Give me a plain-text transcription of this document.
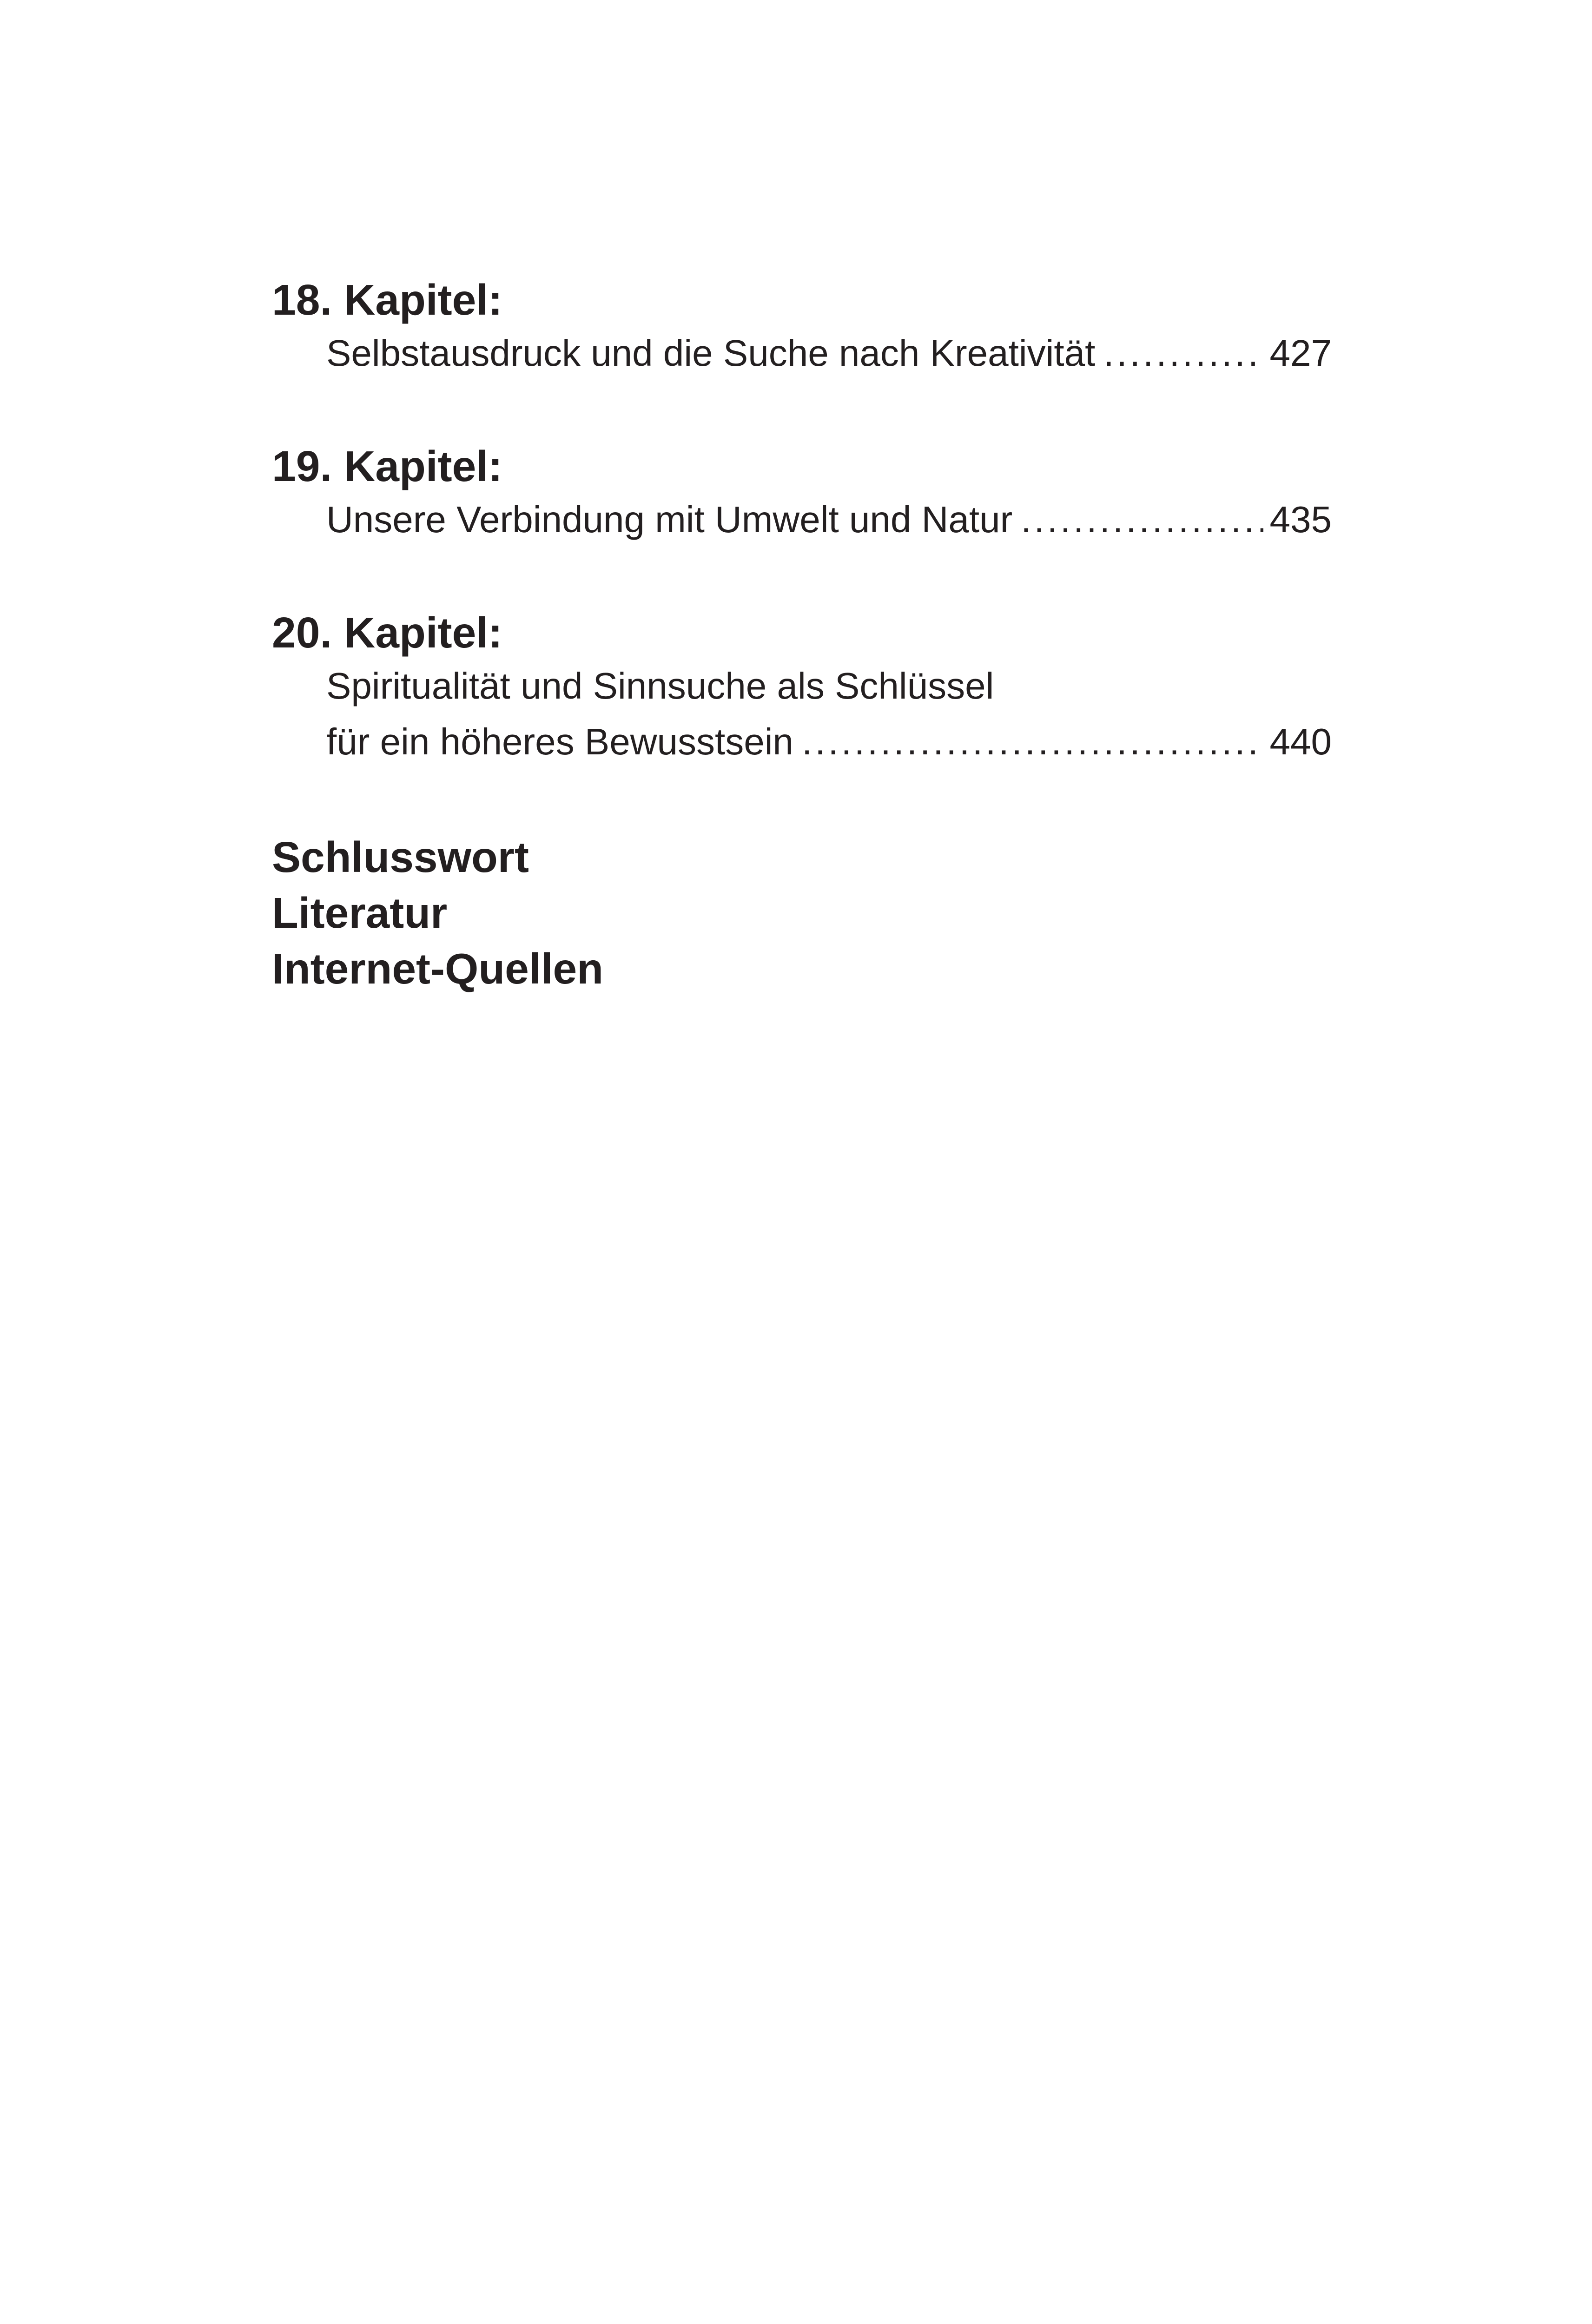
18. Kapitel:
Selbstausdruck und die Suche nach Kreativität .....	427
19. Kapitel:
Unsere Verbindung mit Umwelt und Natur .....	435
20. Kapitel:
Spiritualität und Sinnsuche als Schlüssel
für ein höheres Bewusstsein .....	440
Schlusswort
Literatur
Internet-Quellen
